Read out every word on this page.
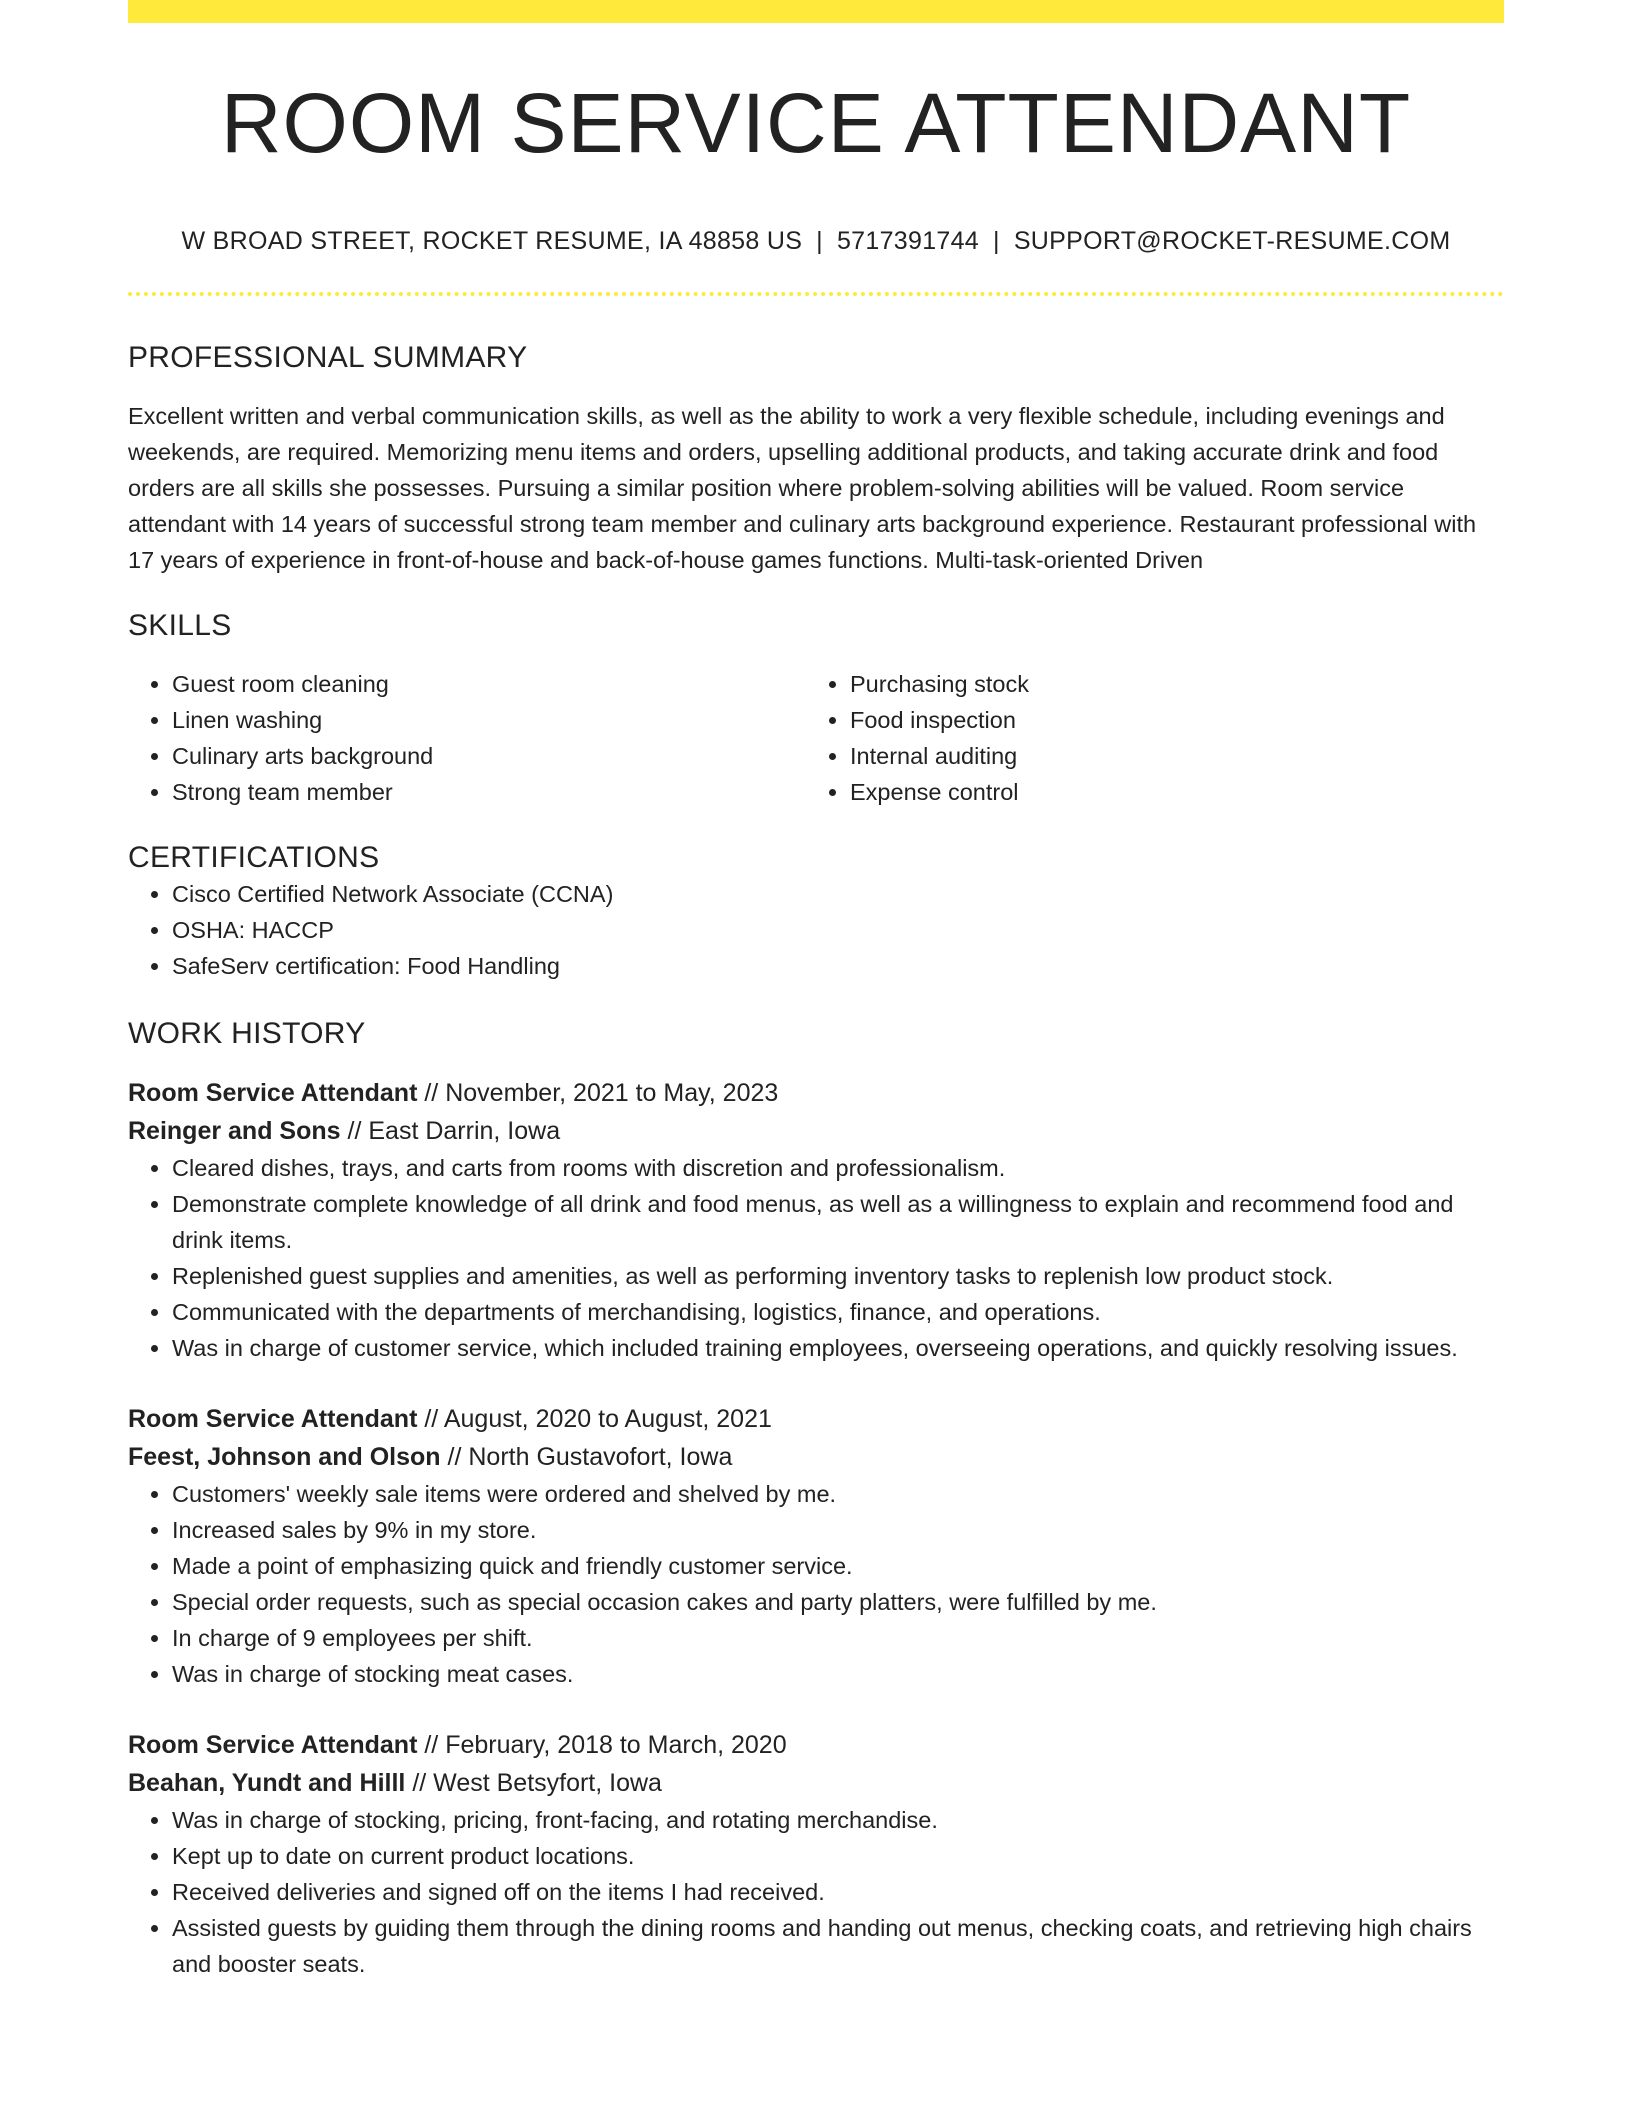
ROOM SERVICE ATTENDANT
W BROAD STREET, ROCKET RESUME, IA 48858 US | 5717391744 | SUPPORT@ROCKET-RESUME.COM
PROFESSIONAL SUMMARY
Excellent written and verbal communication skills, as well as the ability to work a very flexible schedule, including evenings and weekends, are required. Memorizing menu items and orders, upselling additional products, and taking accurate drink and food orders are all skills she possesses. Pursuing a similar position where problem-solving abilities will be valued. Room service attendant with 14 years of successful strong team member and culinary arts background experience. Restaurant professional with 17 years of experience in front-of-house and back-of-house games functions. Multi-task-oriented Driven
SKILLS
• Guest room cleaning
• Linen washing
• Culinary arts background
• Strong team member
• Purchasing stock
• Food inspection
• Internal auditing
• Expense control
CERTIFICATIONS
• Cisco Certified Network Associate (CCNA)
• OSHA: HACCP
• SafeServ certification: Food Handling
WORK HISTORY
Room Service Attendant // November, 2021 to May, 2023
Reinger and Sons // East Darrin, Iowa
• Cleared dishes, trays, and carts from rooms with discretion and professionalism.
• Demonstrate complete knowledge of all drink and food menus, as well as a willingness to explain and recommend food and drink items.
• Replenished guest supplies and amenities, as well as performing inventory tasks to replenish low product stock.
• Communicated with the departments of merchandising, logistics, finance, and operations.
• Was in charge of customer service, which included training employees, overseeing operations, and quickly resolving issues.
Room Service Attendant // August, 2020 to August, 2021
Feest, Johnson and Olson // North Gustavofort, Iowa
• Customers' weekly sale items were ordered and shelved by me.
• Increased sales by 9% in my store.
• Made a point of emphasizing quick and friendly customer service.
• Special order requests, such as special occasion cakes and party platters, were fulfilled by me.
• In charge of 9 employees per shift.
• Was in charge of stocking meat cases.
Room Service Attendant // February, 2018 to March, 2020
Beahan, Yundt and Hilll // West Betsyfort, Iowa
• Was in charge of stocking, pricing, front-facing, and rotating merchandise.
• Kept up to date on current product locations.
• Received deliveries and signed off on the items I had received.
• Assisted guests by guiding them through the dining rooms and handing out menus, checking coats, and retrieving high chairs and booster seats.
